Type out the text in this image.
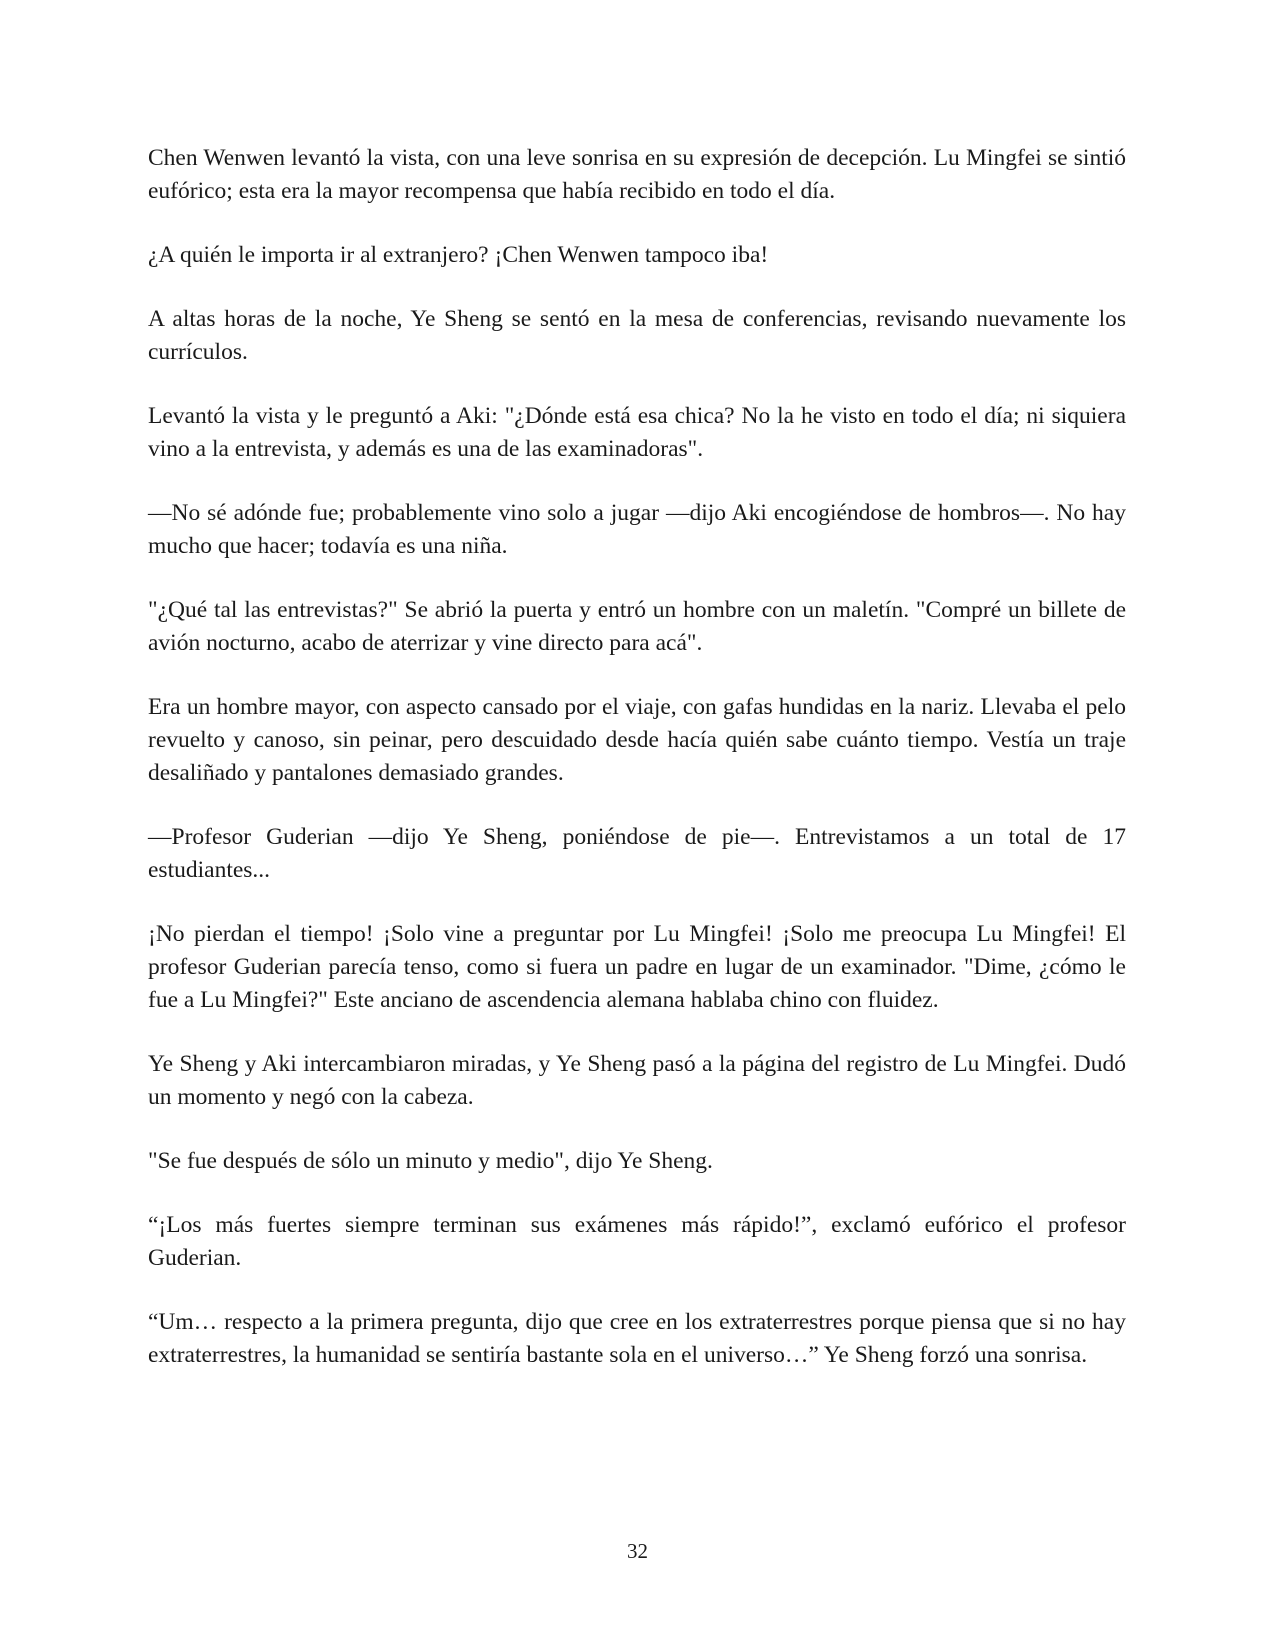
Chen Wenwen levantó la vista, con una leve sonrisa en su expresión de decepción. Lu Mingfei se sintió eufórico; esta era la mayor recompensa que había recibido en todo el día.

¿A quién le importa ir al extranjero? ¡Chen Wenwen tampoco iba!

A altas horas de la noche, Ye Sheng se sentó en la mesa de conferencias, revisando nuevamente los currículos.

Levantó la vista y le preguntó a Aki: "¿Dónde está esa chica? No la he visto en todo el día; ni siquiera vino a la entrevista, y además es una de las examinadoras".

—No sé adónde fue; probablemente vino solo a jugar —dijo Aki encogiéndose de hombros—. No hay mucho que hacer; todavía es una niña.

"¿Qué tal las entrevistas?" Se abrió la puerta y entró un hombre con un maletín. "Compré un billete de avión nocturno, acabo de aterrizar y vine directo para acá".

Era un hombre mayor, con aspecto cansado por el viaje, con gafas hundidas en la nariz. Llevaba el pelo revuelto y canoso, sin peinar, pero descuidado desde hacía quién sabe cuánto tiempo. Vestía un traje desaliñado y pantalones demasiado grandes.

—Profesor Guderian —dijo Ye Sheng, poniéndose de pie—. Entrevistamos a un total de 17 estudiantes...

¡No pierdan el tiempo! ¡Solo vine a preguntar por Lu Mingfei! ¡Solo me preocupa Lu Mingfei! El profesor Guderian parecía tenso, como si fuera un padre en lugar de un examinador. "Dime, ¿cómo le fue a Lu Mingfei?" Este anciano de ascendencia alemana hablaba chino con fluidez.

Ye Sheng y Aki intercambiaron miradas, y Ye Sheng pasó a la página del registro de Lu Mingfei. Dudó un momento y negó con la cabeza.

"Se fue después de sólo un minuto y medio", dijo Ye Sheng.

“¡Los más fuertes siempre terminan sus exámenes más rápido!”, exclamó eufórico el profesor Guderian.

“Um… respecto a la primera pregunta, dijo que cree en los extraterrestres porque piensa que si no hay extraterrestres, la humanidad se sentiría bastante sola en el universo…” Ye Sheng forzó una sonrisa.

32
